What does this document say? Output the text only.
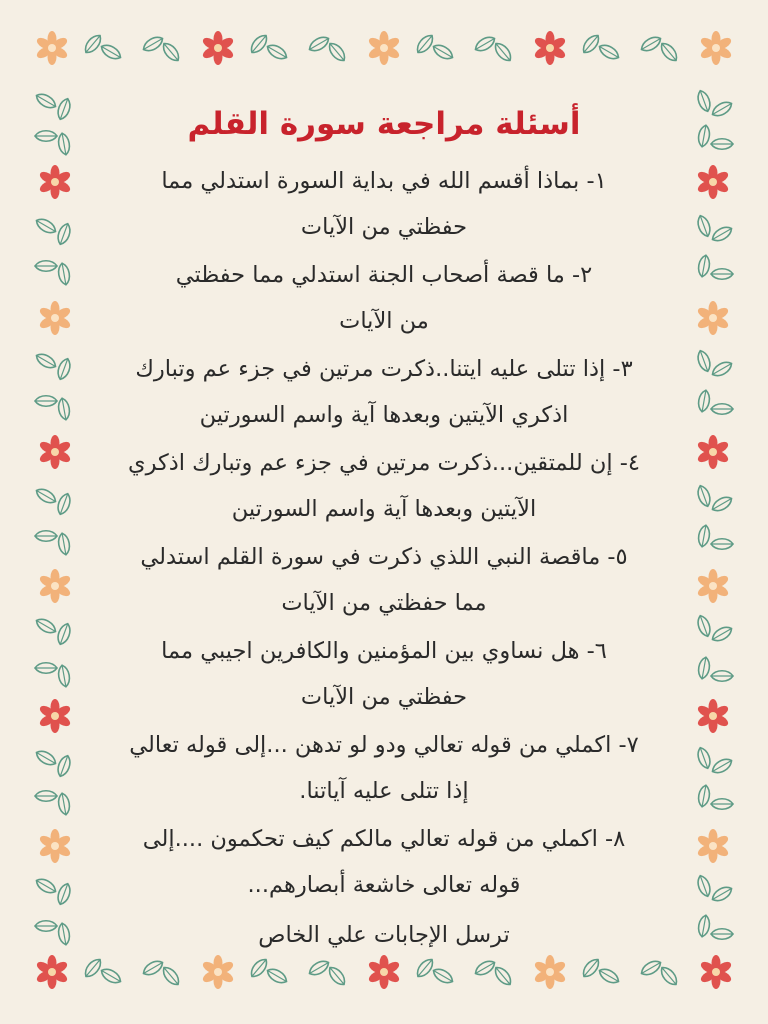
أسئلة مراجعة سورة القلم
١- بماذا أقسم الله في بداية السورة استدلي مما
حفظتي من الآيات
٢- ما قصة أصحاب الجنة استدلي مما حفظتي
من الآيات
٣- إذا تتلى عليه ايتنا..ذكرت مرتين في جزء عم وتبارك
اذكري الآيتين وبعدها آية واسم السورتين
٤- إن للمتقين...ذكرت مرتين في جزء عم وتبارك اذكري
الآيتين وبعدها آية واسم السورتين
٥- ماقصة النبي اللذي ذكرت في سورة القلم استدلي
مما حفظتي من الآيات
٦- هل نساوي بين المؤمنين والكافرين اجيبي مما
حفظتي من الآيات
٧- اكملي من قوله تعالي ودو لو تدهن ...إلى قوله تعالي
إذا تتلى عليه آياتنا.
٨- اكملي من قوله تعالي مالكم كيف تحكمون ....إلى
قوله تعالى خاشعة أبصارهم...
ترسل الإجابات علي الخاص
